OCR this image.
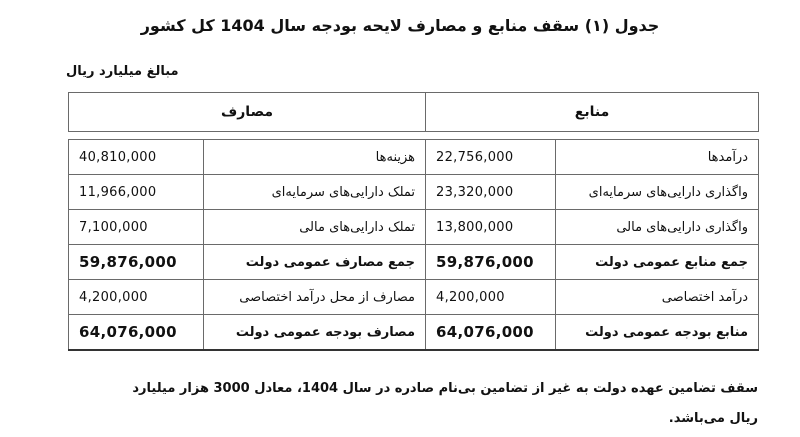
جدول (۱) سقف منابع و مصارف لایحه بودجه سال 1404 کل کشور
مبالغ میلیارد ریال
مصارف		منابع	

40,810,000	هزینه‌ها	22,756,000	درآمدها
11,966,000	تملک دارایی‌های سرمایه‌ای	23,320,000	واگذاری دارایی‌های سرمایه‌ای
7,100,000	تملک دارایی‌های مالی	13,800,000	واگذاری دارایی‌های مالی
59,876,000	جمع مصارف عمومی دولت	59,876,000	جمع منابع عمومی دولت
4,200,000	مصارف از محل درآمد اختصاصی	4,200,000	درآمد اختصاصی
64,076,000	مصارف بودجه عمومی دولت	64,076,000	منابع بودجه عمومی دولت
سقف تضامین عهده دولت به غیر از تضامین بی‌نام صادره در سال 1404، معادل 3000 هزار میلیارد
ریال می‌باشد.
